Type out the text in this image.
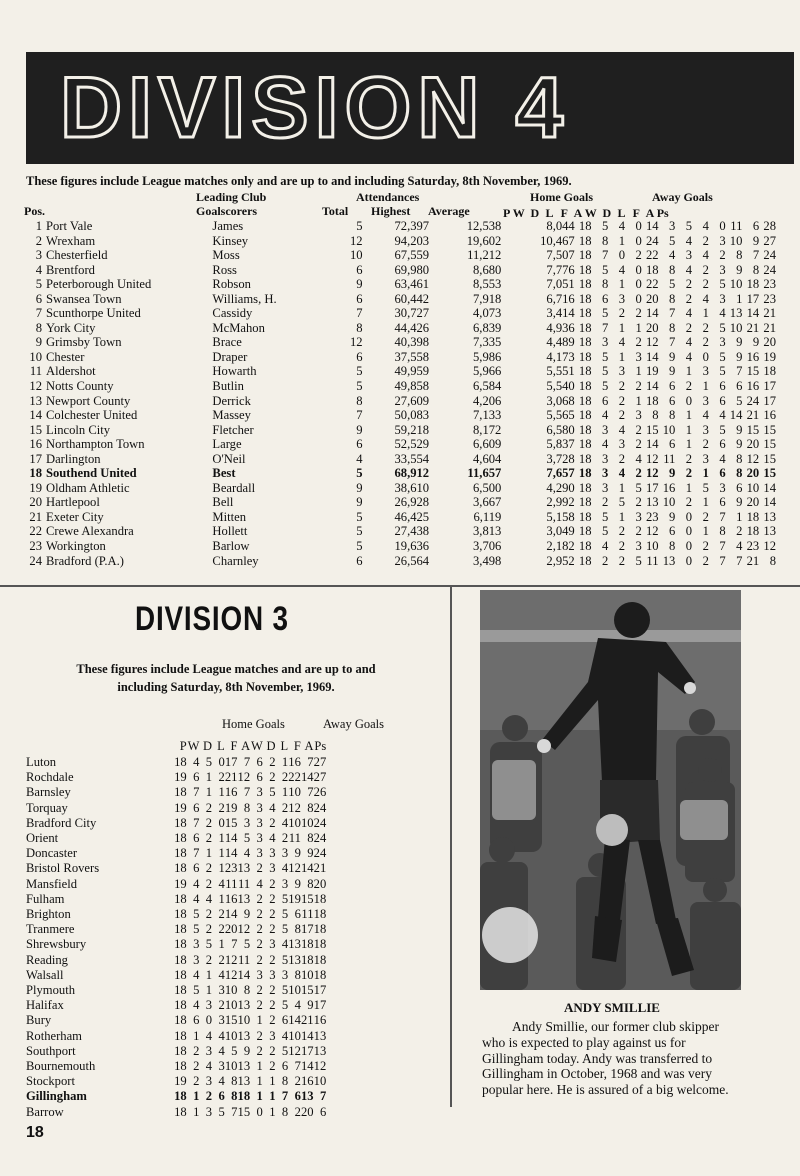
DIVISION 4
These figures include League matches only and are up to and including Saturday, 8th November, 1969.
Leading Club	Attendances	Home Goals	Away Goals
Pos.	Goalscorers	Total Highest Average	P W D L F A W D L F A Ps
1 Port Vale	James	5	72,397	12,538	8,044	18	5	4	0	14	3	5	4	0	11	6	28
2 Wrexham	Kinsey	12	94,203	19,602	10,467	18	8	1	0	24	5	4	2	3	10	9	27
3 Chesterfield	Moss	10	67,559	11,212	7,507	18	7	0	2	22	4	3	4	2	8	7	24
4 Brentford	Ross	6	69,980	8,680	7,776	18	5	4	0	18	8	4	2	3	9	8	24
5 Peterborough United	Robson	9	63,461	8,553	7,051	18	8	1	0	22	5	2	2	5	10	18	23
6 Swansea Town	Williams, H.	6	60,442	7,918	6,716	18	6	3	0	20	8	2	4	3	1	17	23
7 Scunthorpe United	Cassidy	7	30,727	4,073	3,414	18	5	2	2	14	7	4	1	4	13	14	21
8 York City	McMahon	8	44,426	6,839	4,936	18	7	1	1	20	8	2	2	5	10	21	21
9 Grimsby Town	Brace	12	40,398	7,335	4,489	18	3	4	2	12	7	4	2	3	9	9	20
10 Chester	Draper	6	37,558	5,986	4,173	18	5	1	3	14	9	4	0	5	9	16	19
11 Aldershot	Howarth	5	49,959	5,966	5,551	18	5	3	1	19	9	1	3	5	7	15	18
12 Notts County	Butlin	5	49,858	6,584	5,540	18	5	2	2	14	6	2	1	6	6	16	17
13 Newport County	Derrick	8	27,609	4,206	3,068	18	6	2	1	18	6	0	3	6	5	24	17
14 Colchester United	Massey	7	50,083	7,133	5,565	18	4	2	3	8	8	1	4	4	14	21	16
15 Lincoln City	Fletcher	9	59,218	8,172	6,580	18	3	4	2	15	10	1	3	5	9	15	15
16 Northampton Town	Large	6	52,529	6,609	5,837	18	4	3	2	14	6	1	2	6	9	20	15
17 Darlington	O'Neil	4	33,554	4,604	3,728	18	3	2	4	12	11	2	3	4	8	12	15
18 Southend United	Best	5	68,912	11,657	7,657	18	3	4	2	12	9	2	1	6	8	20	15
19 Oldham Athletic	Beardall	9	38,610	6,500	4,290	18	3	1	5	17	16	1	5	3	6	10	14
20 Hartlepool	Bell	9	26,928	3,667	2,992	18	2	5	2	13	10	2	1	6	9	20	14
21 Exeter City	Mitten	5	46,425	6,119	5,158	18	5	1	3	23	9	0	2	7	1	18	13
22 Crewe Alexandra	Hollett	5	27,438	3,813	3,049	18	5	2	2	12	6	0	1	8	2	18	13
23 Workington	Barlow	5	19,636	3,706	2,182	18	4	2	3	10	8	0	2	7	4	23	12
24 Bradford (P.A.)	Charnley	6	26,564	3,498	2,952	18	2	2	5	11	13	0	2	7	7	21	8
DIVISION 3
These figures include League matches and are up to and
including Saturday, 8th November, 1969.
Home Goals	Away Goals
PW D L F AW D L F APs
Luton	18	4	5	0	17	7	6	2	1	16	7	27
Rochdale	19	6	1	2	21	12	6	2	2	22	14	27
Barnsley	18	7	1	1	16	7	3	5	1	10	7	26
Torquay	19	6	2	2	19	8	3	4	2	12	8	24
Bradford City	18	7	2	0	15	3	3	2	4	10	10	24
Orient	18	6	2	1	14	5	3	4	2	11	8	24
Doncaster	18	7	1	1	14	4	3	3	3	9	9	24
Bristol Rovers	18	6	2	1	23	13	2	3	4	12	14	21
Mansfield	19	4	2	4	11	11	4	2	3	9	8	20
Fulham	18	4	4	1	16	13	2	2	5	19	15	18
Brighton	18	5	2	2	14	9	2	2	5	6	11	18
Tranmere	18	5	2	2	20	12	2	2	5	8	17	18
Shrewsbury	18	3	5	1	7	5	2	3	4	13	18	18
Reading	18	3	2	2	12	11	2	2	5	13	18	18
Walsall	18	4	1	4	12	14	3	3	3	8	10	18
Plymouth	18	5	1	3	10	8	2	2	5	10	15	17
Halifax	18	4	3	2	10	13	2	2	5	4	9	17
Bury	18	6	0	3	15	10	1	2	6	14	21	16
Rotherham	18	1	4	4	10	13	2	3	4	10	14	13
Southport	18	2	3	4	5	9	2	2	5	12	17	13
Bournemouth	18	2	4	3	10	13	1	2	6	7	14	12
Stockport	19	2	3	4	8	13	1	1	8	2	16	10
Gillingham	18	1	2	6	8	18	1	1	7	6	13	7
Barrow	18	1	3	5	7	15	0	1	8	2	20	6
ANDY SMILLIE
Andy Smillie, our former club skipper who is expected to play against us for Gillingham today. Andy was transferred to Gillingham in October, 1968 and was very popular here. He is assured of a big welcome.
18
